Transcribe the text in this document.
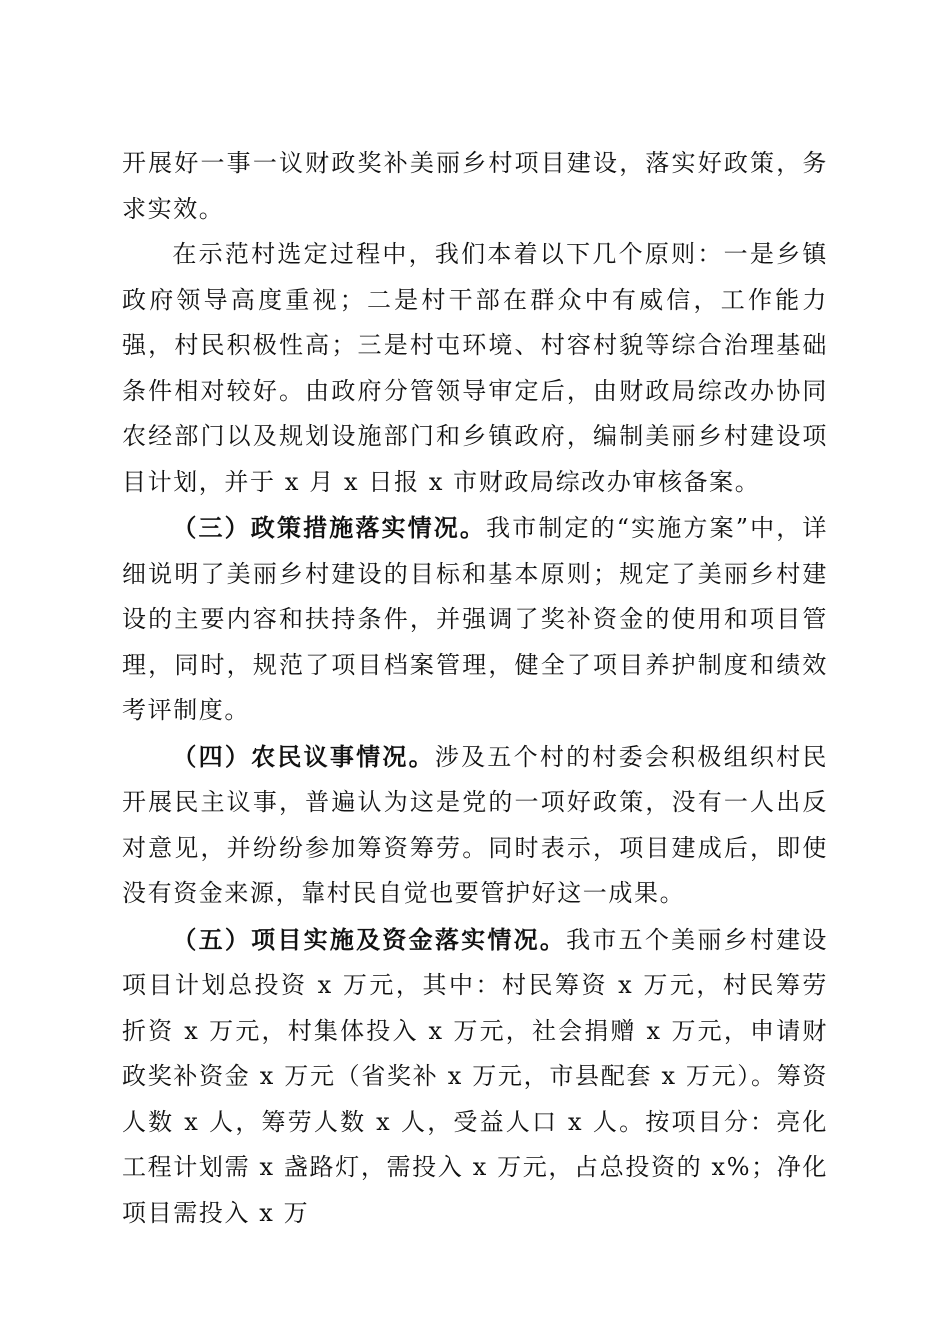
开展好一事一议财政奖补美丽乡村项目建设，落实好政策，务求实效。

在示范村选定过程中，我们本着以下几个原则：一是乡镇政府领导高度重视；二是村干部在群众中有威信，工作能力强，村民积极性高；三是村屯环境、村容村貌等综合治理基础条件相对较好。由政府分管领导审定后，由财政局综改办协同农经部门以及规划设施部门和乡镇政府，编制美丽乡村建设项目计划，并于 x 月 x 日报 x 市财政局综改办审核备案。

（三）政策措施落实情况。我市制定的“实施方案”中，详细说明了美丽乡村建设的目标和基本原则；规定了美丽乡村建设的主要内容和扶持条件，并强调了奖补资金的使用和项目管理，同时，规范了项目档案管理，健全了项目养护制度和绩效考评制度。

（四）农民议事情况。涉及五个村的村委会积极组织村民开展民主议事，普遍认为这是党的一项好政策，没有一人出反对意见，并纷纷参加筹资筹劳。同时表示，项目建成后，即使没有资金来源，靠村民自觉也要管护好这一成果。

（五）项目实施及资金落实情况。我市五个美丽乡村建设项目计划总投资 x 万元，其中：村民筹资 x 万元，村民筹劳折资 x 万元，村集体投入 x 万元，社会捐赠 x 万元，申请财政奖补资金 x 万元（省奖补 x 万元，市县配套 x 万元）。筹资人数 x 人，筹劳人数 x 人，受益人口 x 人。按项目分：亮化工程计划需 x 盏路灯，需投入 x 万元，占总投资的 x%；净化项目需投入 x 万
